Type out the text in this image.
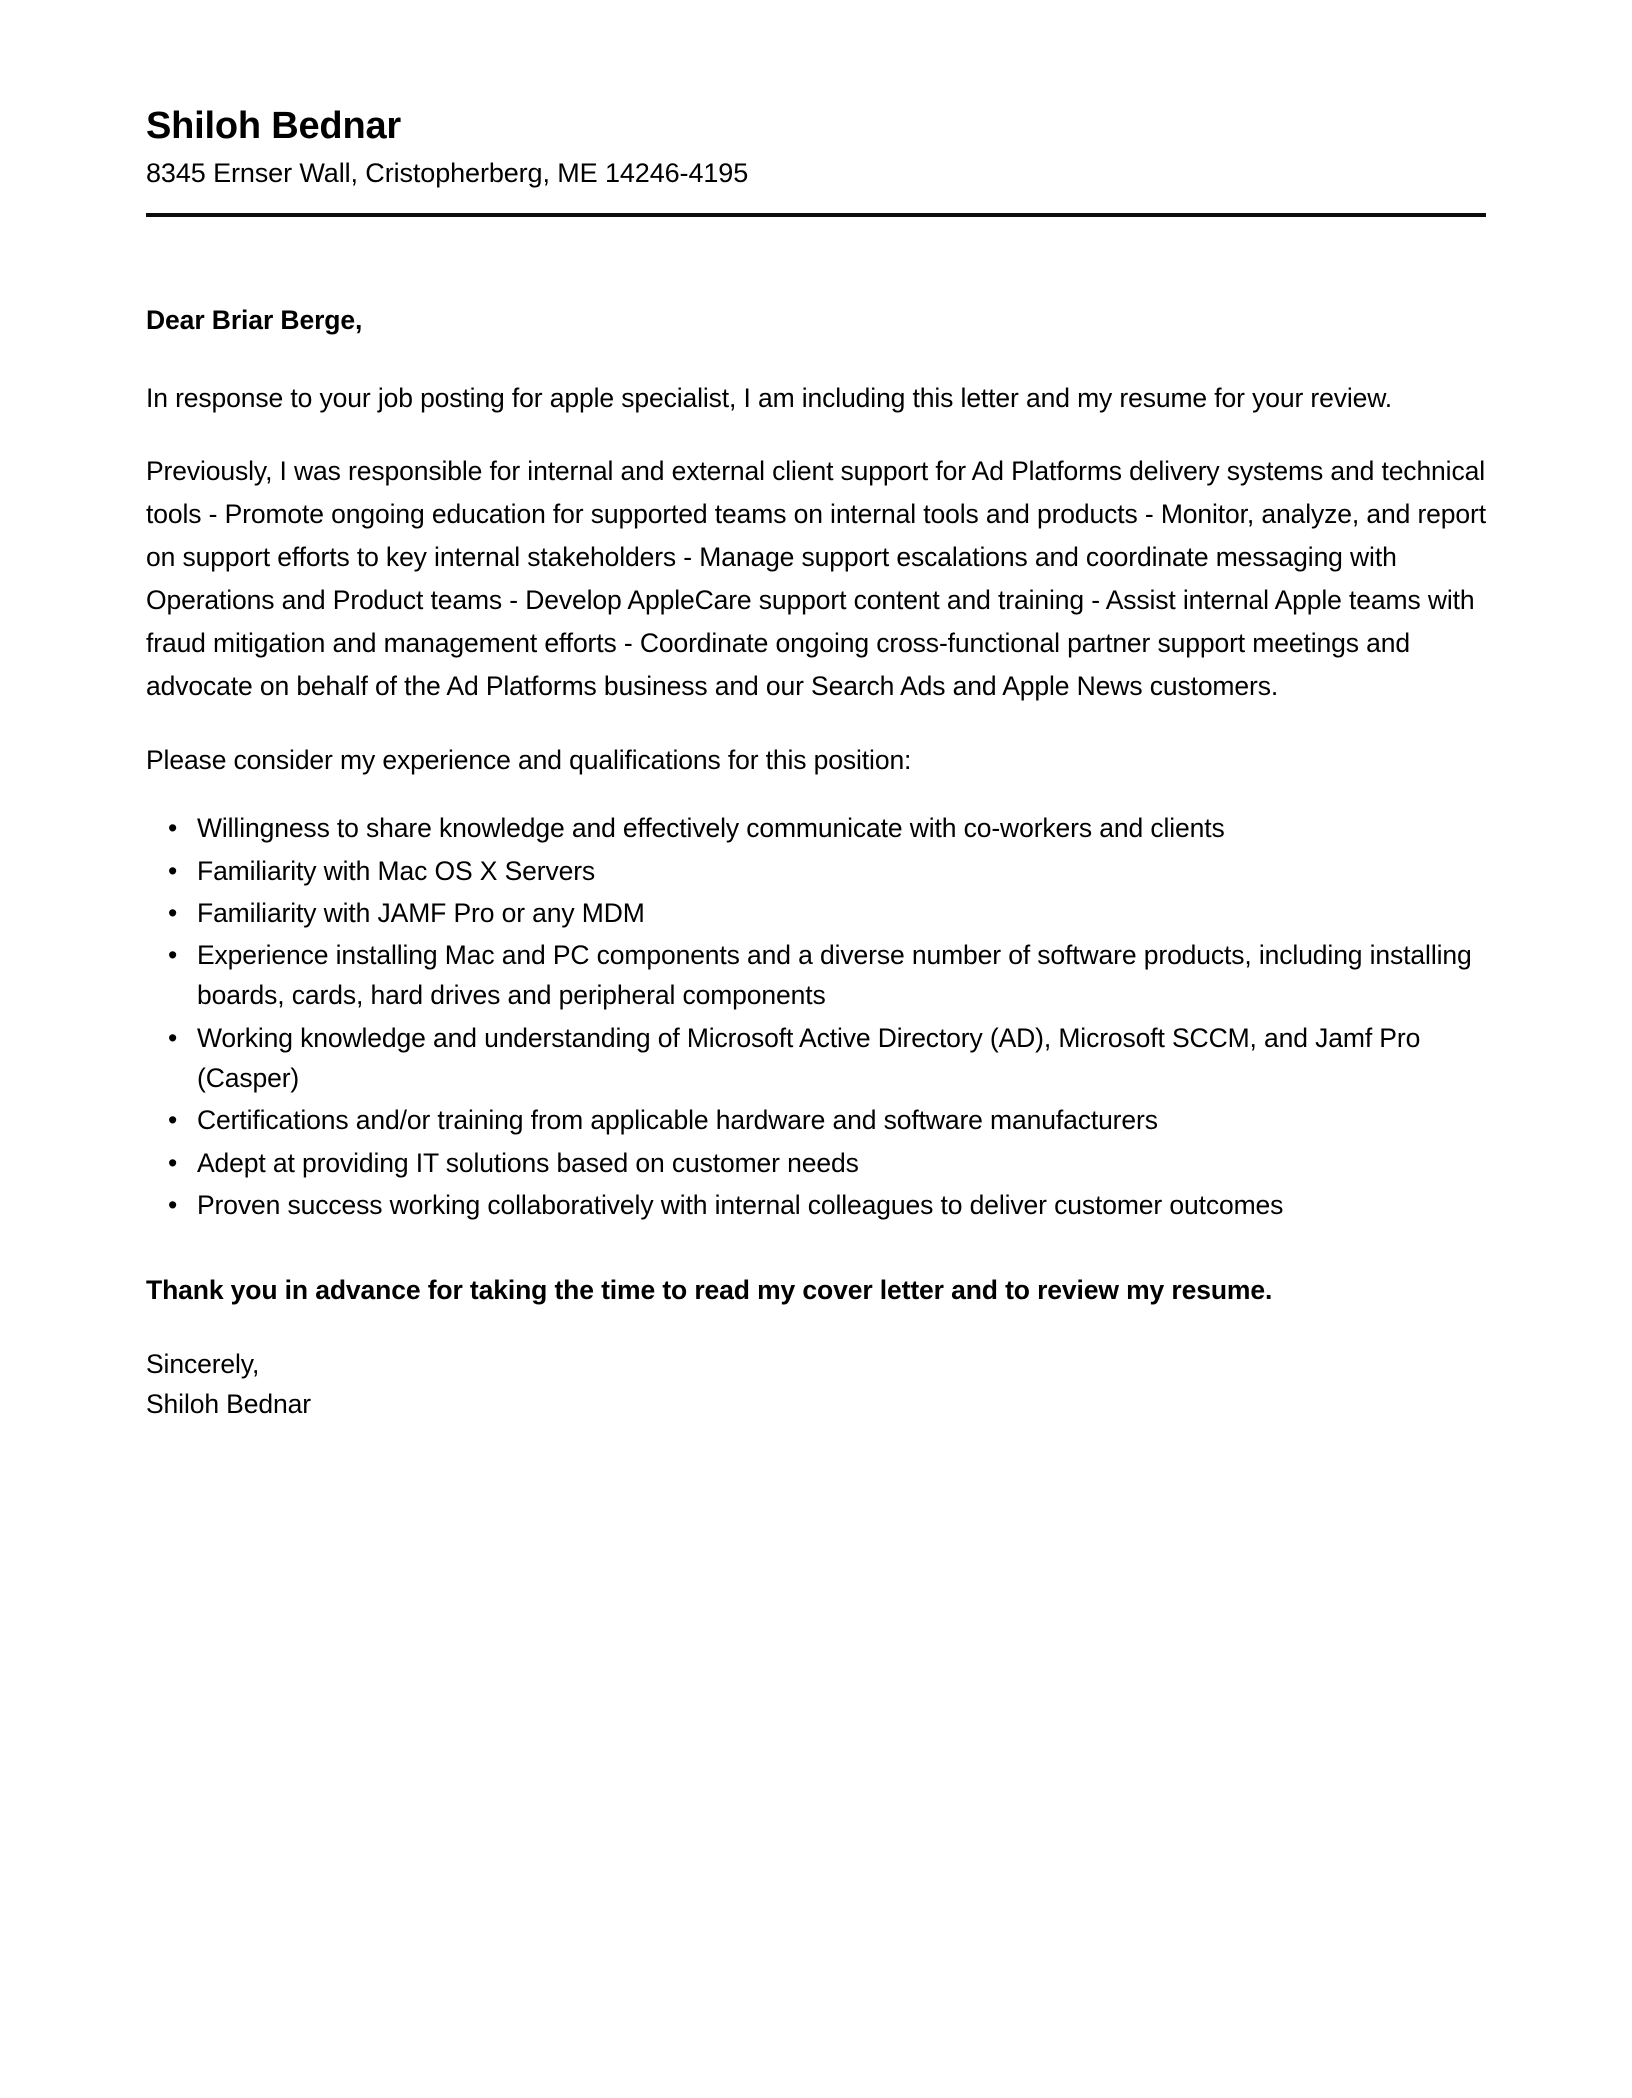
Shiloh Bednar
8345 Ernser Wall, Cristopherberg, ME 14246-4195

Dear Briar Berge,

In response to your job posting for apple specialist, I am including this letter and my resume for your review.

Previously, I was responsible for internal and external client support for Ad Platforms delivery systems and technical tools - Promote ongoing education for supported teams on internal tools and products - Monitor, analyze, and report on support efforts to key internal stakeholders - Manage support escalations and coordinate messaging with Operations and Product teams - Develop AppleCare support content and training - Assist internal Apple teams with fraud mitigation and management efforts - Coordinate ongoing cross-functional partner support meetings and advocate on behalf of the Ad Platforms business and our Search Ads and Apple News customers.

Please consider my experience and qualifications for this position:

• Willingness to share knowledge and effectively communicate with co-workers and clients
• Familiarity with Mac OS X Servers
• Familiarity with JAMF Pro or any MDM
• Experience installing Mac and PC components and a diverse number of software products, including installing boards, cards, hard drives and peripheral components
• Working knowledge and understanding of Microsoft Active Directory (AD), Microsoft SCCM, and Jamf Pro (Casper)
• Certifications and/or training from applicable hardware and software manufacturers
• Adept at providing IT solutions based on customer needs
• Proven success working collaboratively with internal colleagues to deliver customer outcomes

Thank you in advance for taking the time to read my cover letter and to review my resume.

Sincerely,
Shiloh Bednar
